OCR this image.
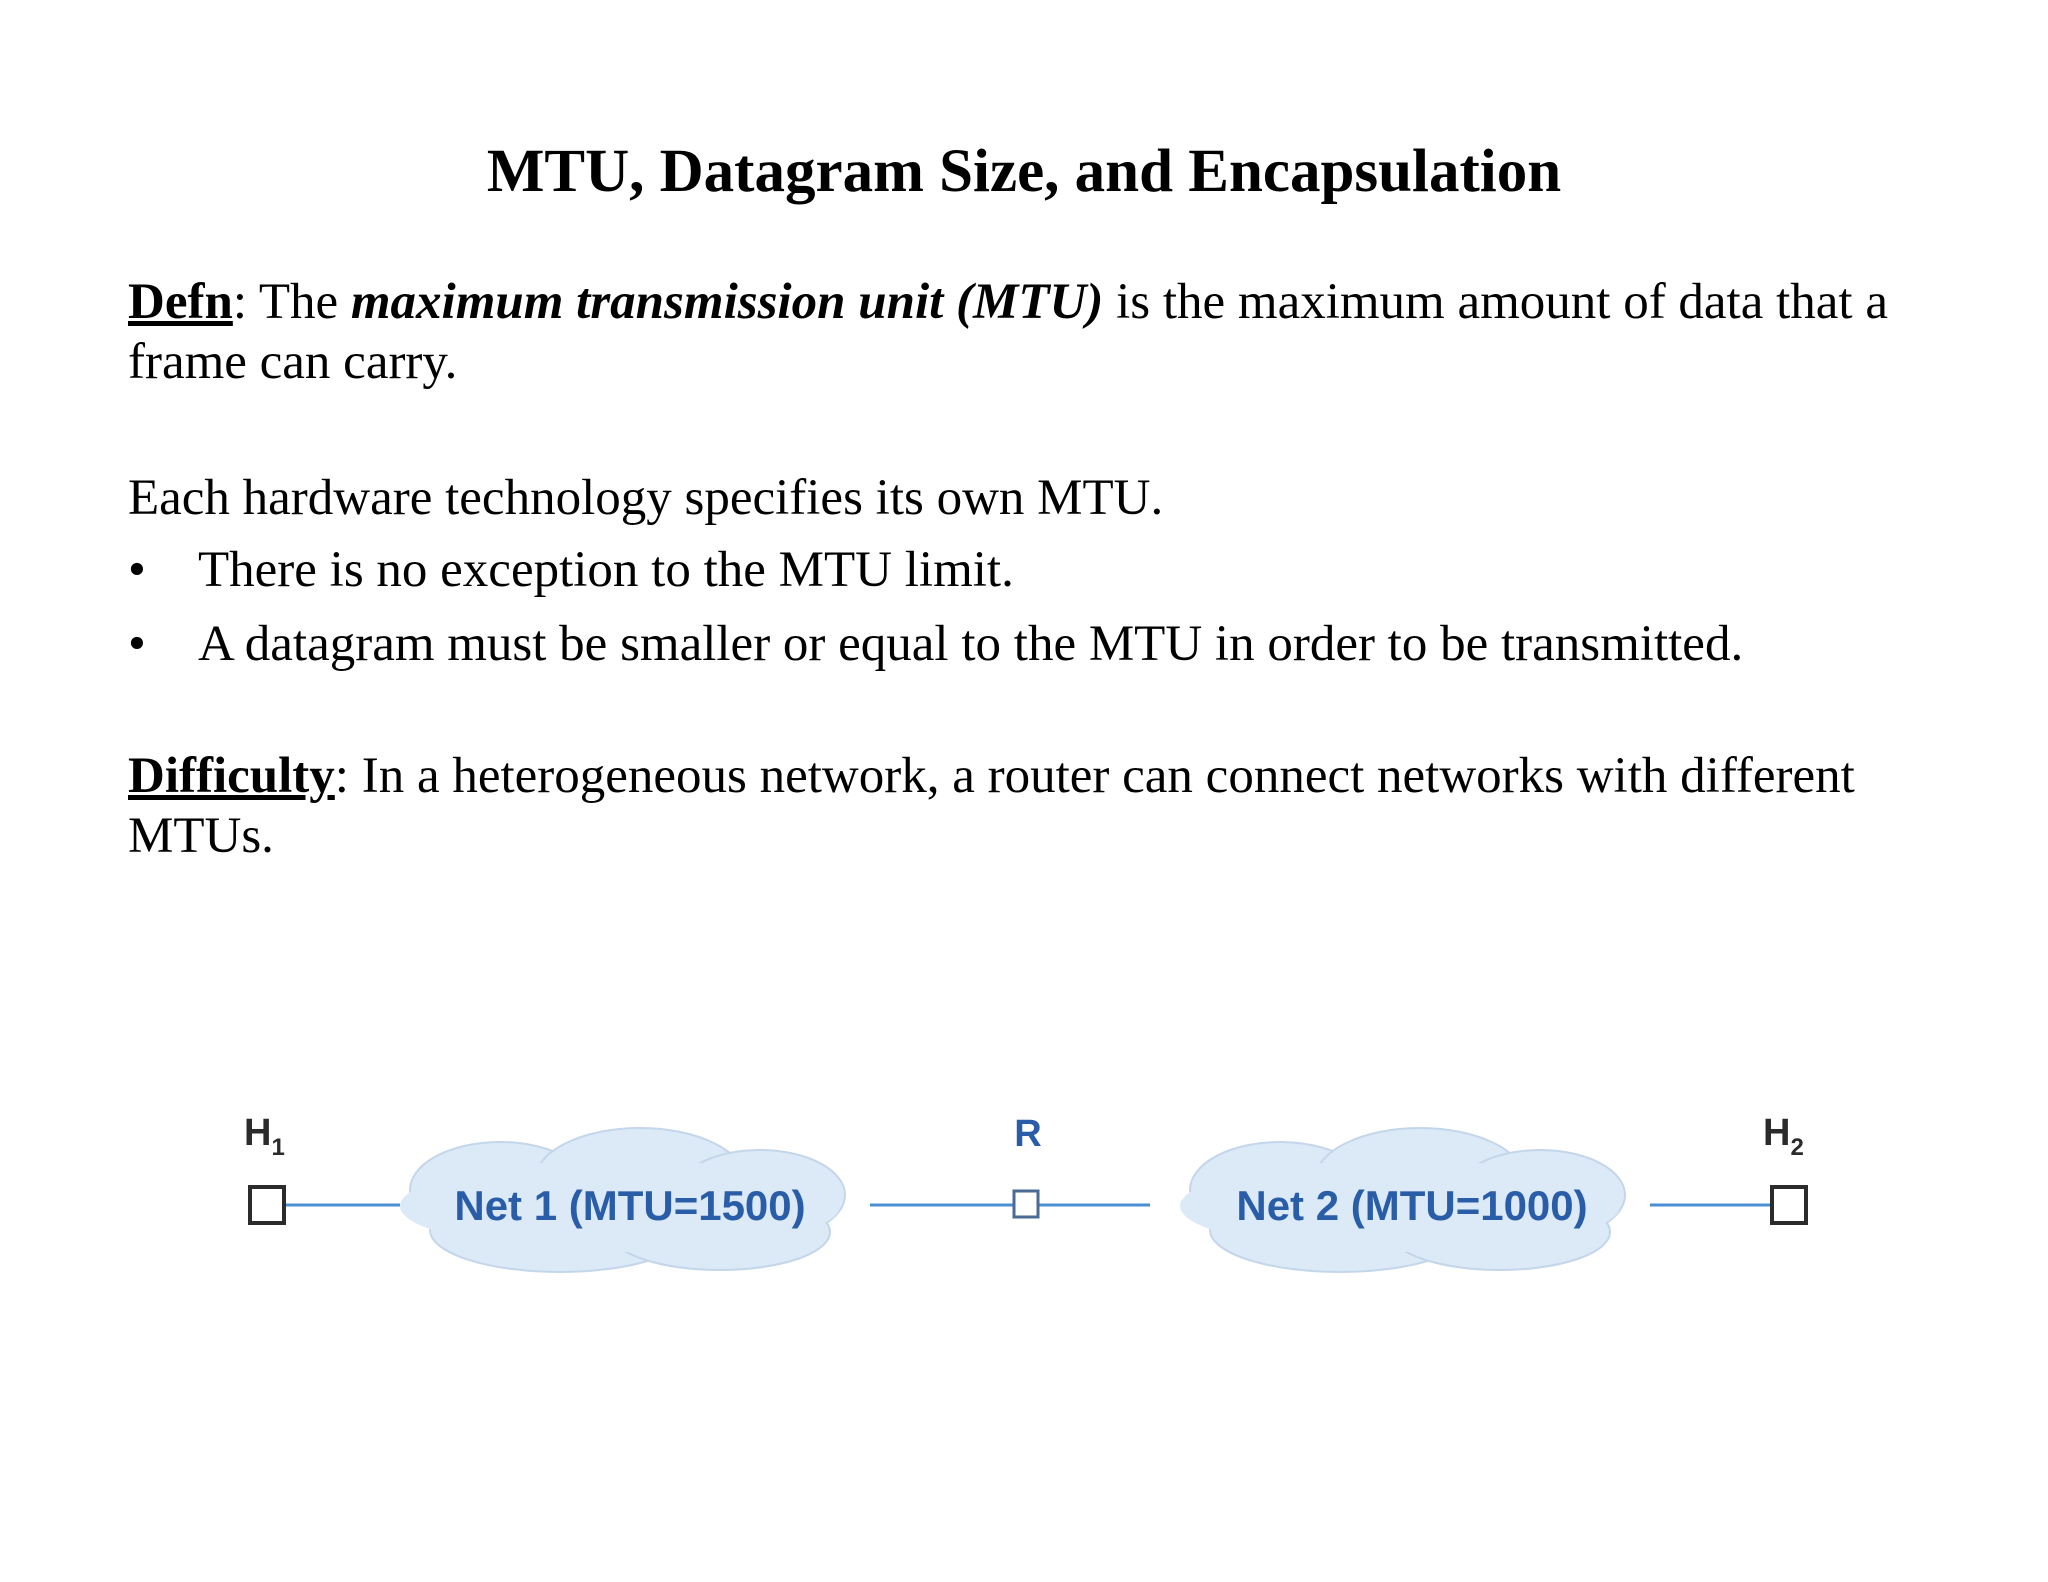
MTU, Datagram Size, and Encapsulation

Defn: The maximum transmission unit (MTU) is the maximum amount of data that a frame can carry.

Each hardware technology specifies its own MTU.

• There is no exception to the MTU limit.
• A datagram must be smaller or equal to the MTU in order to be transmitted.

Difficulty: In a heterogeneous network, a router can connect networks with different MTUs.

Net 1 (MTU=1500)	Net 2 (MTU=1000)
$H_1$	R	$H_2$
